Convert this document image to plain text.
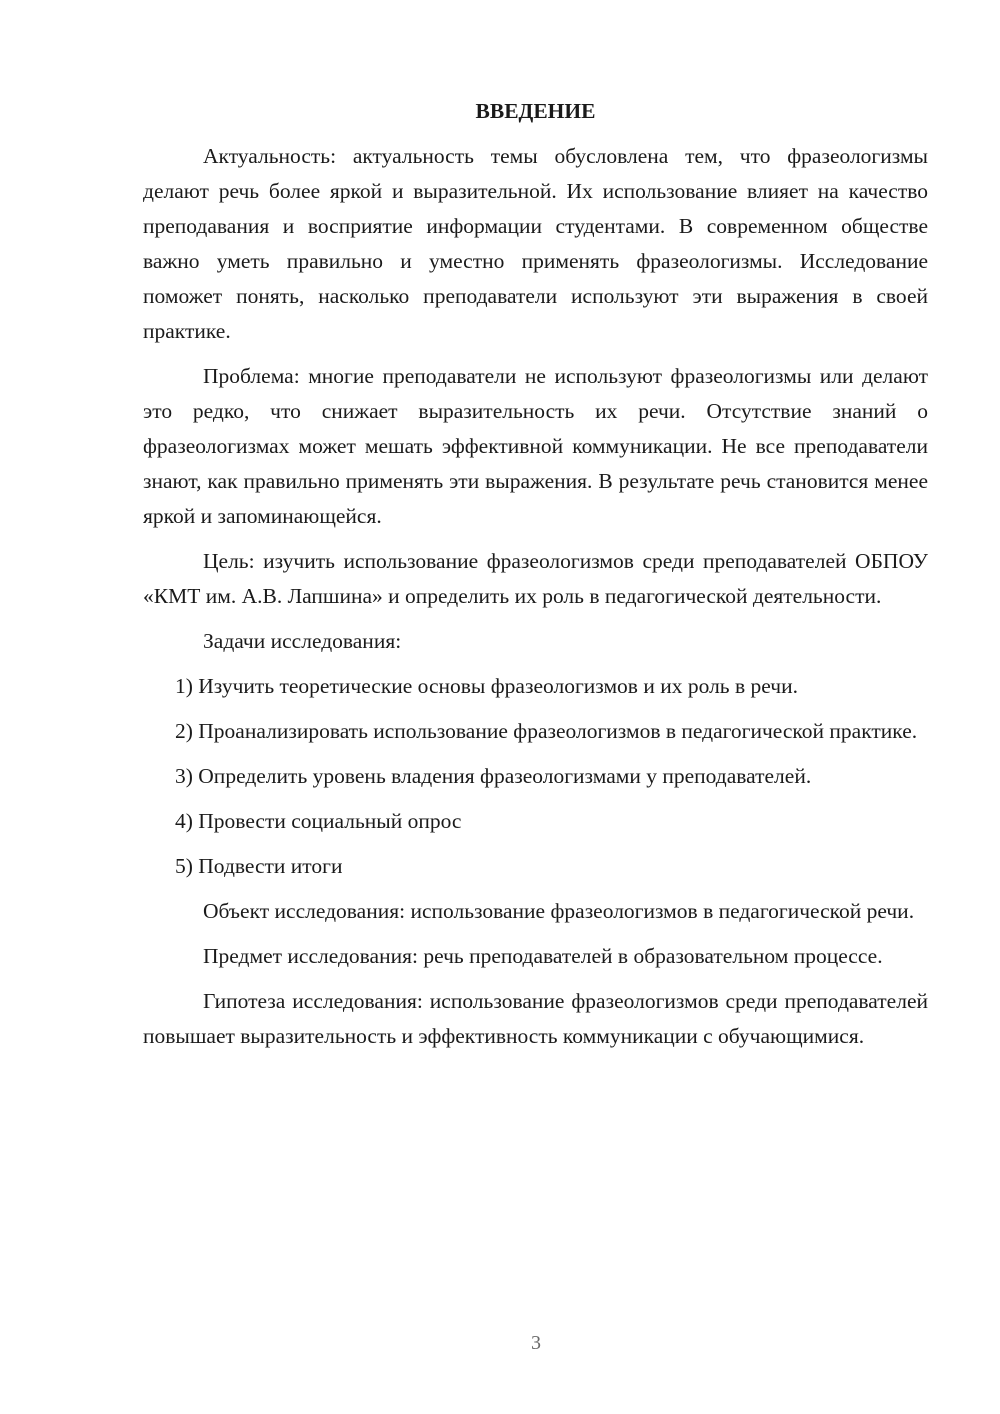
ВВЕДЕНИЕ

Актуальность: актуальность темы обусловлена тем, что фразеологизмы делают речь более яркой и выразительной. Их использование влияет на качество преподавания и восприятие информации студентами. В современном обществе важно уметь правильно и уместно применять фразеологизмы. Исследование поможет понять, насколько преподаватели используют эти выражения в своей практике.

Проблема: многие преподаватели не используют фразеологизмы или делают это редко, что снижает выразительность их речи. Отсутствие знаний о фразеологизмах может мешать эффективной коммуникации. Не все преподаватели знают, как правильно применять эти выражения. В результате речь становится менее яркой и запоминающейся.

Цель: изучить использование фразеологизмов среди преподавателей ОБПОУ «КМТ им. А.В. Лапшина» и определить их роль в педагогической деятельности.

Задачи исследования:

1) Изучить теоретические основы фразеологизмов и их роль в речи.

2) Проанализировать использование фразеологизмов в педагогической практике.

3) Определить уровень владения фразеологизмами у преподавателей.

4) Провести социальный опрос

5) Подвести итоги

Объект исследования: использование фразеологизмов в педагогической речи.

Предмет исследования: речь преподавателей в образовательном процессе.

Гипотеза исследования: использование фразеологизмов среди преподавателей повышает выразительность и эффективность коммуникации с обучающимися.

3
